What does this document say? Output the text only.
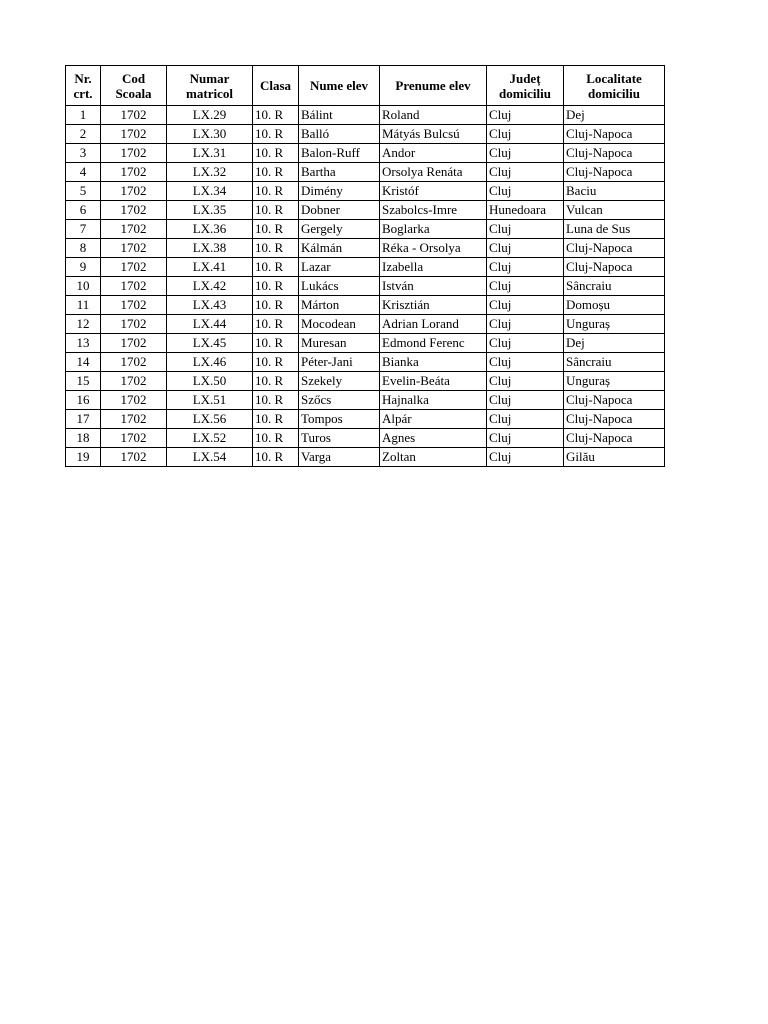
Nr. crt.	Cod Scoala	Numar matricol	Clasa	Nume elev	Prenume elev	Județ domiciliu	Localitate domiciliu
1	1702	LX.29	10. R	Bálint	Roland	Cluj	Dej
2	1702	LX.30	10. R	Balló	Mátyás Bulcsú	Cluj	Cluj-Napoca
3	1702	LX.31	10. R	Balon-Ruff	Andor	Cluj	Cluj-Napoca
4	1702	LX.32	10. R	Bartha	Orsolya Renáta	Cluj	Cluj-Napoca
5	1702	LX.34	10. R	Dimény	Kristóf	Cluj	Baciu
6	1702	LX.35	10. R	Dobner	Szabolcs-Imre	Hunedoara	Vulcan
7	1702	LX.36	10. R	Gergely	Boglarka	Cluj	Luna de Sus
8	1702	LX.38	10. R	Kálmán	Réka - Orsolya	Cluj	Cluj-Napoca
9	1702	LX.41	10. R	Lazar	Izabella	Cluj	Cluj-Napoca
10	1702	LX.42	10. R	Lukács	István	Cluj	Sâncraiu
11	1702	LX.43	10. R	Márton	Krisztián	Cluj	Domoșu
12	1702	LX.44	10. R	Mocodean	Adrian Lorand	Cluj	Unguraș
13	1702	LX.45	10. R	Muresan	Edmond Ferenc	Cluj	Dej
14	1702	LX.46	10. R	Péter-Jani	Bianka	Cluj	Sâncraiu
15	1702	LX.50	10. R	Szekely	Evelin-Beáta	Cluj	Unguraș
16	1702	LX.51	10. R	Szőcs	Hajnalka	Cluj	Cluj-Napoca
17	1702	LX.56	10. R	Tompos	Alpár	Cluj	Cluj-Napoca
18	1702	LX.52	10. R	Turos	Agnes	Cluj	Cluj-Napoca
19	1702	LX.54	10. R	Varga	Zoltan	Cluj	Gilău
